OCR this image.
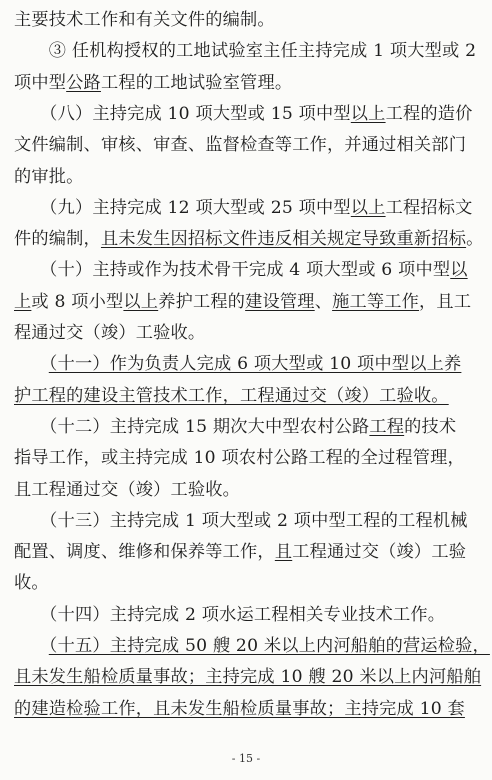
主要技术工作和有关文件的编制。
　　③ 任机构授权的工地试验室主任主持完成 1 项大型或 2
项中型公路工程的工地试验室管理。
　　（八）主持完成 10 项大型或 15 项中型以上工程的造价
文件编制、审核、审查、监督检查等工作，并通过相关部门
的审批。
　　（九）主持完成 12 项大型或 25 项中型以上工程招标文
件的编制，且未发生因招标文件违反相关规定导致重新招标。
　　（十）主持或作为技术骨干完成 4 项大型或 6 项中型以
上或 8 项小型以上养护工程的建设管理、施工等工作，且工
程通过交（竣）工验收。
　　（十一）作为负责人完成 6 项大型或 10 项中型以上养
护工程的建设主管技术工作，工程通过交（竣）工验收。
　　（十二）主持完成 15 期次大中型农村公路工程的技术
指导工作，或主持完成 10 项农村公路工程的全过程管理，
且工程通过交（竣）工验收。
　　（十三）主持完成 1 项大型或 2 项中型工程的工程机械
配置、调度、维修和保养等工作，且工程通过交（竣）工验
收。
　　（十四）主持完成 2 项水运工程相关专业技术工作。
　　（十五）主持完成 50 艘 20 米以上内河船舶的营运检验，
且未发生船检质量事故；主持完成 10 艘 20 米以上内河船舶
的建造检验工作，且未发生船检质量事故；主持完成 10 套
- 15 -
